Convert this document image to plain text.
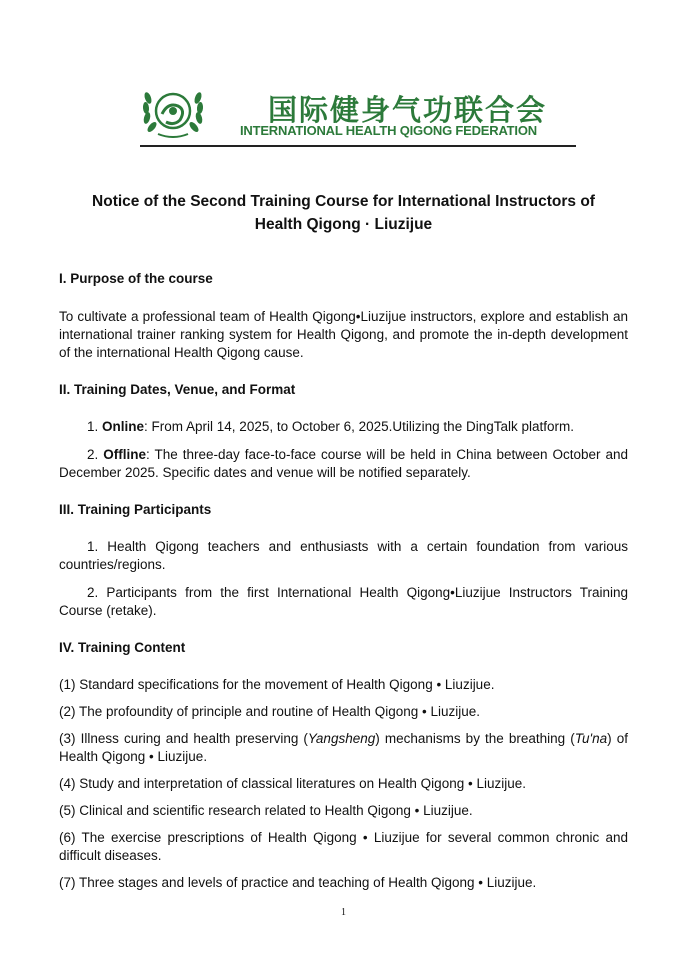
国际健身气功联合会
INTERNATIONAL HEALTH QIGONG FEDERATION
Notice of the Second Training Course for International Instructors of
Health Qigong · Liuzijue

I. Purpose of the course

To cultivate a professional team of Health Qigong•Liuzijue instructors, explore and establish an international trainer ranking system for Health Qigong, and promote the in-depth development of the international Health Qigong cause.

II. Training Dates, Venue, and Format

1. Online: From April 14, 2025, to October 6, 2025.Utilizing the DingTalk platform.

2. Offline: The three-day face-to-face course will be held in China between October and December 2025. Specific dates and venue will be notified separately.

III. Training Participants

1. Health Qigong teachers and enthusiasts with a certain foundation from various countries/regions.

2. Participants from the first International Health Qigong•Liuzijue Instructors Training Course (retake).

IV. Training Content

(1) Standard specifications for the movement of Health Qigong • Liuzijue.

(2) The profoundity of principle and routine of Health Qigong • Liuzijue.

(3) Illness curing and health preserving (Yangsheng) mechanisms by the breathing (Tu'na) of Health Qigong • Liuzijue.

(4) Study and interpretation of classical literatures on Health Qigong • Liuzijue.

(5) Clinical and scientific research related to Health Qigong • Liuzijue.

(6) The exercise prescriptions of Health Qigong • Liuzijue for several common chronic and difficult diseases.

(7) Three stages and levels of practice and teaching of Health Qigong • Liuzijue.

1
